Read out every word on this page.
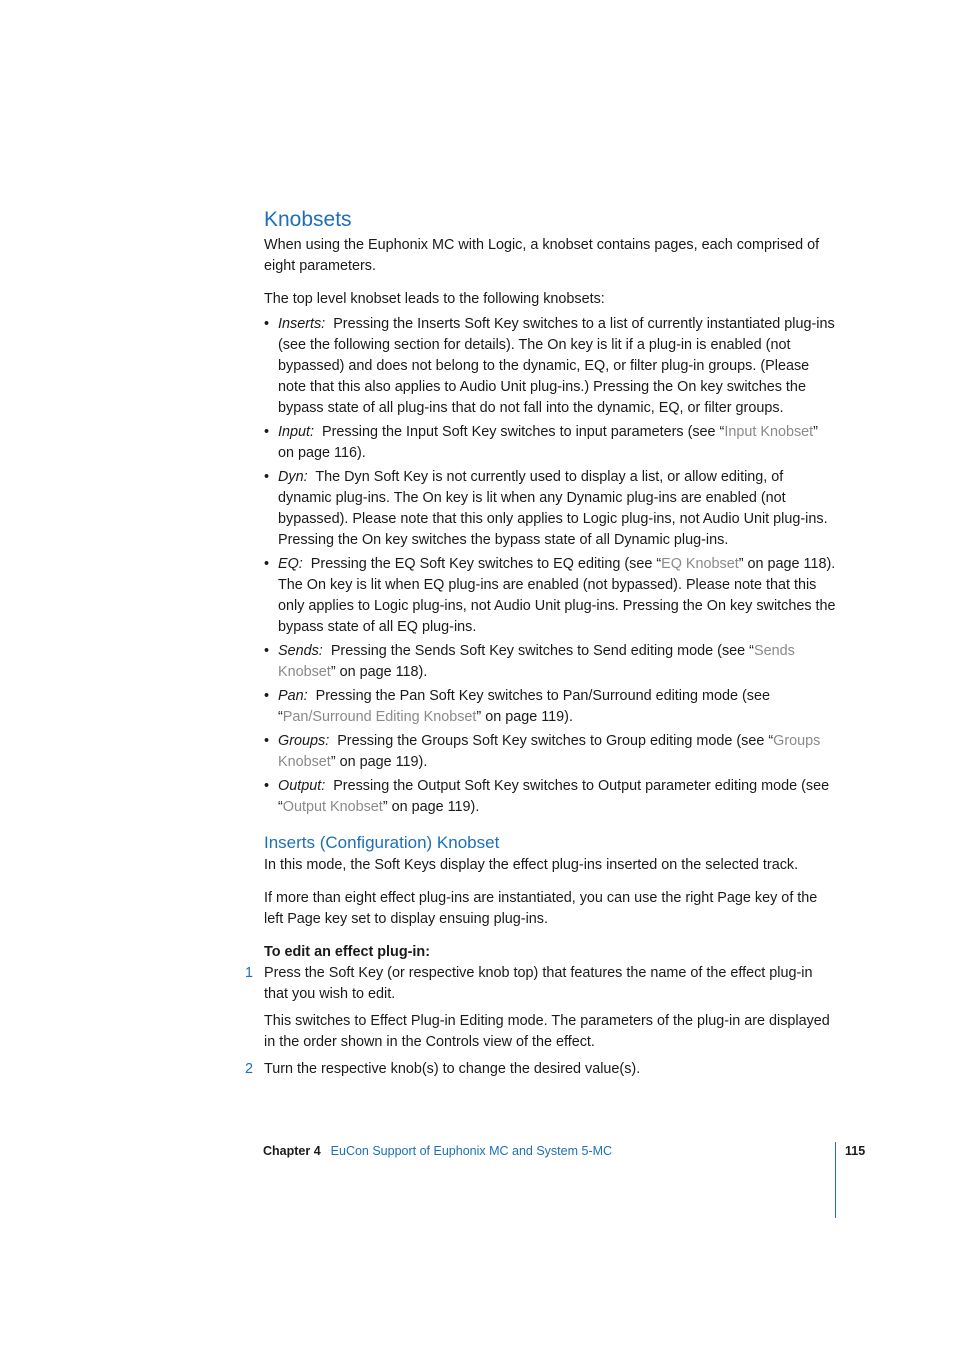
Knobsets

When using the Euphonix MC with Logic, a knobset contains pages, each comprised of eight parameters.

The top level knobset leads to the following knobsets:

• Inserts: Pressing the Inserts Soft Key switches to a list of currently instantiated plug-ins (see the following section for details). The On key is lit if a plug-in is enabled (not bypassed) and does not belong to the dynamic, EQ, or filter plug-in groups. (Please note that this also applies to Audio Unit plug-ins.) Pressing the On key switches the bypass state of all plug-ins that do not fall into the dynamic, EQ, or filter groups.
• Input: Pressing the Input Soft Key switches to input parameters (see “Input Knobset” on page 116).
• Dyn: The Dyn Soft Key is not currently used to display a list, or allow editing, of dynamic plug-ins. The On key is lit when any Dynamic plug-ins are enabled (not bypassed). Please note that this only applies to Logic plug-ins, not Audio Unit plug-ins. Pressing the On key switches the bypass state of all Dynamic plug-ins.
• EQ: Pressing the EQ Soft Key switches to EQ editing (see “EQ Knobset” on page 118). The On key is lit when EQ plug-ins are enabled (not bypassed). Please note that this only applies to Logic plug-ins, not Audio Unit plug-ins. Pressing the On key switches the bypass state of all EQ plug-ins.
• Sends: Pressing the Sends Soft Key switches to Send editing mode (see “Sends Knobset” on page 118).
• Pan: Pressing the Pan Soft Key switches to Pan/Surround editing mode (see “Pan/Surround Editing Knobset” on page 119).
• Groups: Pressing the Groups Soft Key switches to Group editing mode (see “Groups Knobset” on page 119).
• Output: Pressing the Output Soft Key switches to Output parameter editing mode (see “Output Knobset” on page 119).
Inserts (Configuration) Knobset

In this mode, the Soft Keys display the effect plug-ins inserted on the selected track.

If more than eight effect plug-ins are instantiated, you can use the right Page key of the left Page key set to display ensuing plug-ins.

To edit an effect plug-in:
1 Press the Soft Key (or respective knob top) that features the name of the effect plug-in that you wish to edit.

This switches to Effect Plug-in Editing mode. The parameters of the plug-in are displayed in the order shown in the Controls view of the effect.

2 Turn the respective knob(s) to change the desired value(s).

Chapter 4 EuCon Support of Euphonix MC and System 5-MC	115
